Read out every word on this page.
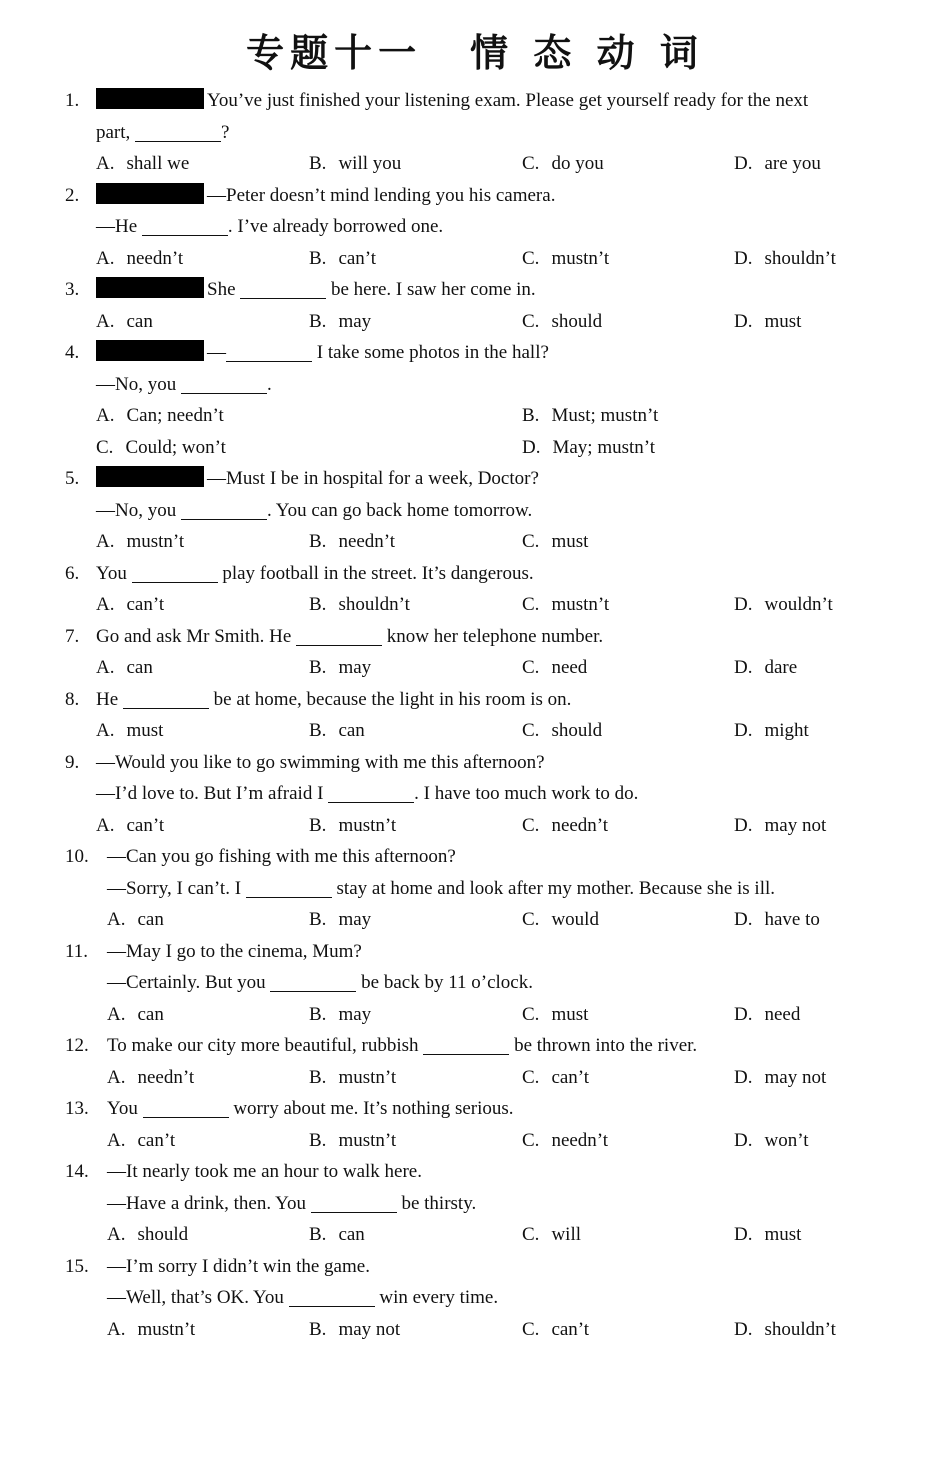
专题十一 情 态 动 词
1.	You’ve just finished your listening exam. Please get yourself ready for the next
part,	?
A. shall we	B. will you	C. do you	D. are you
2.	—Peter doesn’t mind lending you his camera.
—He	. I’ve already borrowed one.
A. needn’t	B. can’t	C. mustn’t	D. shouldn’t
3.	She	be here. I saw her come in.
A. can	B. may	C. should	D. must
4.	—	I take some photos in the hall?
—No, you	.
A. Can; needn’t	B. Must; mustn’t
C. Could; won’t	D. May; mustn’t
5.	—Must I be in hospital for a week, Doctor?
—No, you	. You can go back home tomorrow.
A. mustn’t	B. needn’t	C. must
6. You	play football in the street. It’s dangerous.
A. can’t	B. shouldn’t	C. mustn’t	D. wouldn’t
7. Go and ask Mr Smith. He	know her telephone number.
A. can	B. may	C. need	D. dare
8. He	be at home, because the light in his room is on.
A. must	B. can	C. should	D. might
9. —Would you like to go swimming with me this afternoon?
—I’d love to. But I’m afraid I	. I have too much work to do.
A. can’t	B. mustn’t	C. needn’t	D. may not
10. —Can you go fishing with me this afternoon?
—Sorry, I can’t. I	stay at home and look after my mother. Because she is ill.
A. can	B. may	C. would	D. have to
11. —May I go to the cinema, Mum?
—Certainly. But you	be back by 11 o’clock.
A. can	B. may	C. must	D. need
12. To make our city more beautiful, rubbish	be thrown into the river.
A. needn’t	B. mustn’t	C. can’t	D. may not
13. You	worry about me. It’s nothing serious.
A. can’t	B. mustn’t	C. needn’t	D. won’t
14. —It nearly took me an hour to walk here.
—Have a drink, then. You	be thirsty.
A. should	B. can	C. will	D. must
15. —I’m sorry I didn’t win the game.
—Well, that’s OK. You	win every time.
A. mustn’t	B. may not	C. can’t	D. shouldn’t
